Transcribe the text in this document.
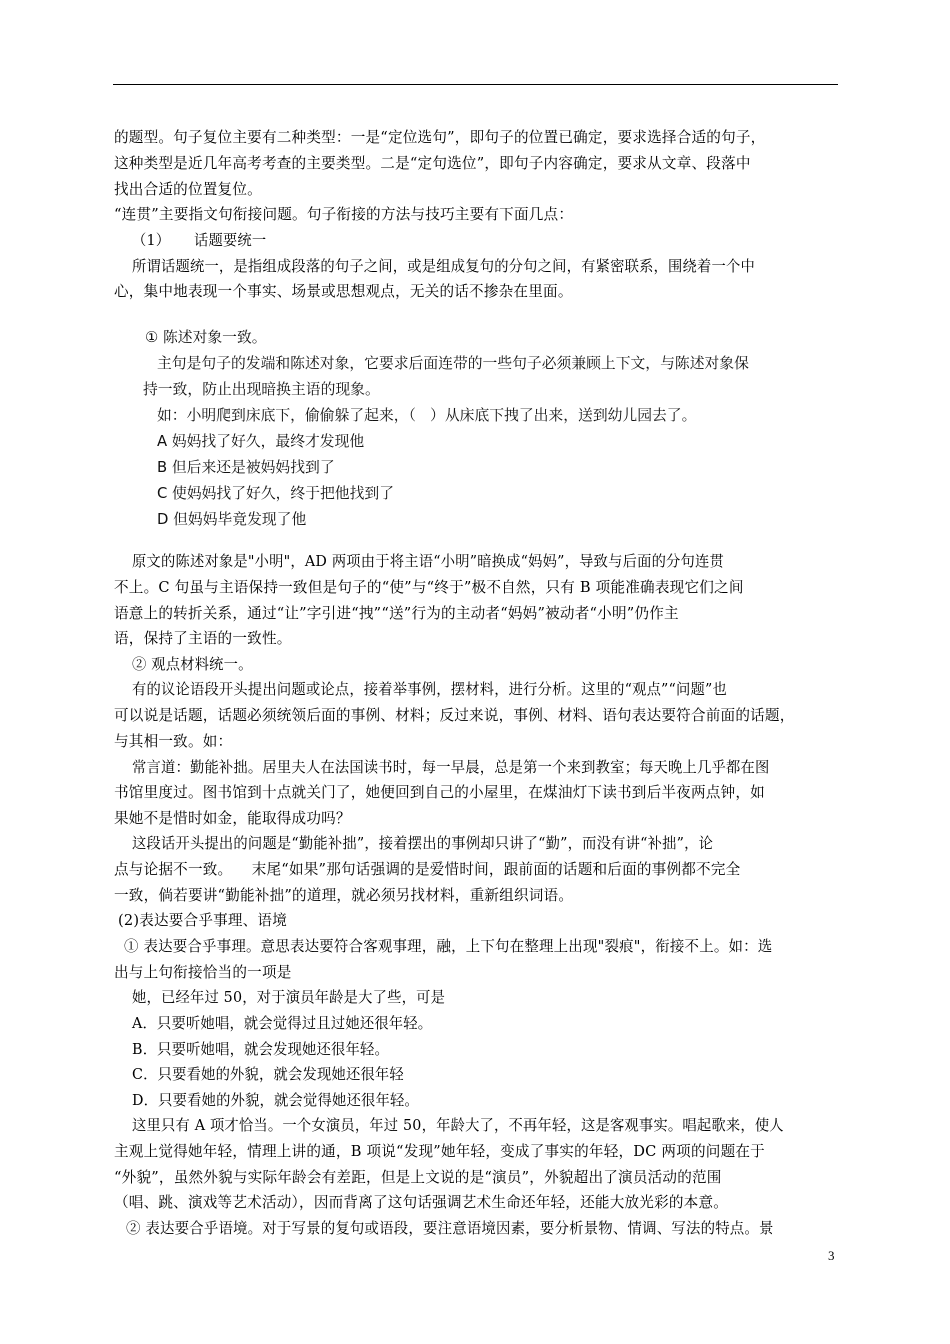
的题型。句子复位主要有二种类型：一是“定位选句”，即句子的位置已确定，要求选择合适的句子，
这种类型是近几年高考考查的主要类型。二是“定句选位”，即句子内容确定，要求从文章、段落中
找出合适的位置复位。
“连贯”主要指文句衔接问题。句子衔接的方法与技巧主要有下面几点：
（1）     话题要统一
所谓话题统一，是指组成段落的句子之间，或是组成复句的分句之间，有紧密联系，围绕着一个中
心，集中地表现一个事实、场景或思想观点，无关的话不掺杂在里面。
① 陈述对象一致。
主句是句子的发端和陈述对象，它要求后面连带的一些句子必须兼顾上下文，与陈述对象保
持一致，防止出现暗换主语的现象。
如：小明爬到床底下，偷偷躲了起来，（   ）从床底下拽了出来，送到幼儿园去了。
A 妈妈找了好久，最终才发现他
B 但后来还是被妈妈找到了
C 使妈妈找了好久，终于把他找到了
D 但妈妈毕竟发现了他
原文的陈述对象是"小明"，AD 两项由于将主语“小明”暗换成“妈妈”，导致与后面的分句连贯
不上。C 句虽与主语保持一致但是句子的“使”与“终于”极不自然，只有 B 项能准确表现它们之间
语意上的转折关系，通过“让”字引进“拽”“送”行为的主动者“妈妈”被动者“小明”仍作主
语，保持了主语的一致性。
② 观点材料统一。
有的议论语段开头提出问题或论点，接着举事例，摆材料，进行分析。这里的“观点”“问题”也
可以说是话题，话题必须统领后面的事例、材料；反过来说，事例、材料、语句表达要符合前面的话题，
与其相一致。如：
常言道：勤能补拙。居里夫人在法国读书时，每一早晨，总是第一个来到教室；每天晚上几乎都在图
书馆里度过。图书馆到十点就关门了，她便回到自己的小屋里，在煤油灯下读书到后半夜两点钟，如
果她不是惜时如金，能取得成功吗？
这段话开头提出的问题是“勤能补拙”，接着摆出的事例却只讲了“勤”，而没有讲“补拙”，论
点与论据不一致。    末尾“如果”那句话强调的是爱惜时间，跟前面的话题和后面的事例都不完全
一致，倘若要讲“勤能补拙”的道理，就必须另找材料，重新组织词语。
(2)表达要合乎事理、语境
① 表达要合乎事理。意思表达要符合客观事理，融，上下句在整理上出现"裂痕"，衔接不上。如：选
出与上句衔接恰当的一项是
她，已经年过 50，对于演员年龄是大了些，可是
A．只要听她唱，就会觉得过且过她还很年轻。
B．只要听她唱，就会发现她还很年轻。
C．只要看她的外貌，就会发现她还很年轻
D．只要看她的外貌，就会觉得她还很年轻。
这里只有 A 项才恰当。一个女演员，年过 50，年龄大了，不再年轻，这是客观事实。唱起歌来，使人
主观上觉得她年轻，情理上讲的通，B 项说“发现”她年轻，变成了事实的年轻，DC 两项的问题在于
“外貌”，虽然外貌与实际年龄会有差距，但是上文说的是“演员”，外貌超出了演员活动的范围
（唱、跳、演戏等艺术活动），因而背离了这句话强调艺术生命还年轻，还能大放光彩的本意。
② 表达要合乎语境。对于写景的复句或语段，要注意语境因素，要分析景物、情调、写法的特点。景
3
